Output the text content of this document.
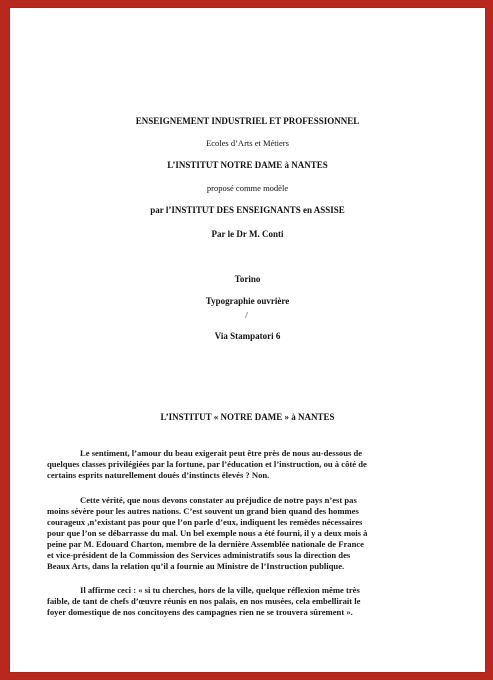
ENSEIGNEMENT INDUSTRIEL ET PROFESSIONNEL
Ecoles d’Arts et Métiers
L’INSTITUT NOTRE DAME à NANTES
proposé comme modèle
par l’INSTITUT DES ENSEIGNANTS en ASSISE
Par le Dr M. Conti
Torino
Typographie ouvrière
Via Stampatori 6
L’INSTITUT « NOTRE DAME » à NANTES
Le sentiment, l’amour du beau exigerait peut être près de nous au-dessous de
quelques classes privilégiées par la fortune, par l’éducation et l’instruction, ou à côté de
certains esprits naturellement doués d’instincts élevés ? Non.
Cette vérité, que nous devons constater au préjudice de notre pays n’est pas
moins sévère pour les autres nations. C’est souvent un grand bien quand des hommes
courageux ,n’existant pas pour que l’on parle d’eux, indiquent les remèdes nécessaires
pour que l’on se débarrasse du mal. Un bel exemple nous a été fourni, il y a deux mois à
peine par M. Edouard Charton, membre de la dernière Assemblée nationale de France
et vice-président de la Commission des Services administratifs sous la direction des
Beaux Arts, dans la relation qu’il a fournie au Ministre de l’Instruction publique.
Il affirme ceci : « si tu cherches, hors de la ville, quelque réflexion même très
faible, de tant de chefs d’œuvre réunis en nos palais, en nos musées, cela embellirait le
foyer domestique de nos concitoyens des campagnes rien ne se trouvera sûrement ».
